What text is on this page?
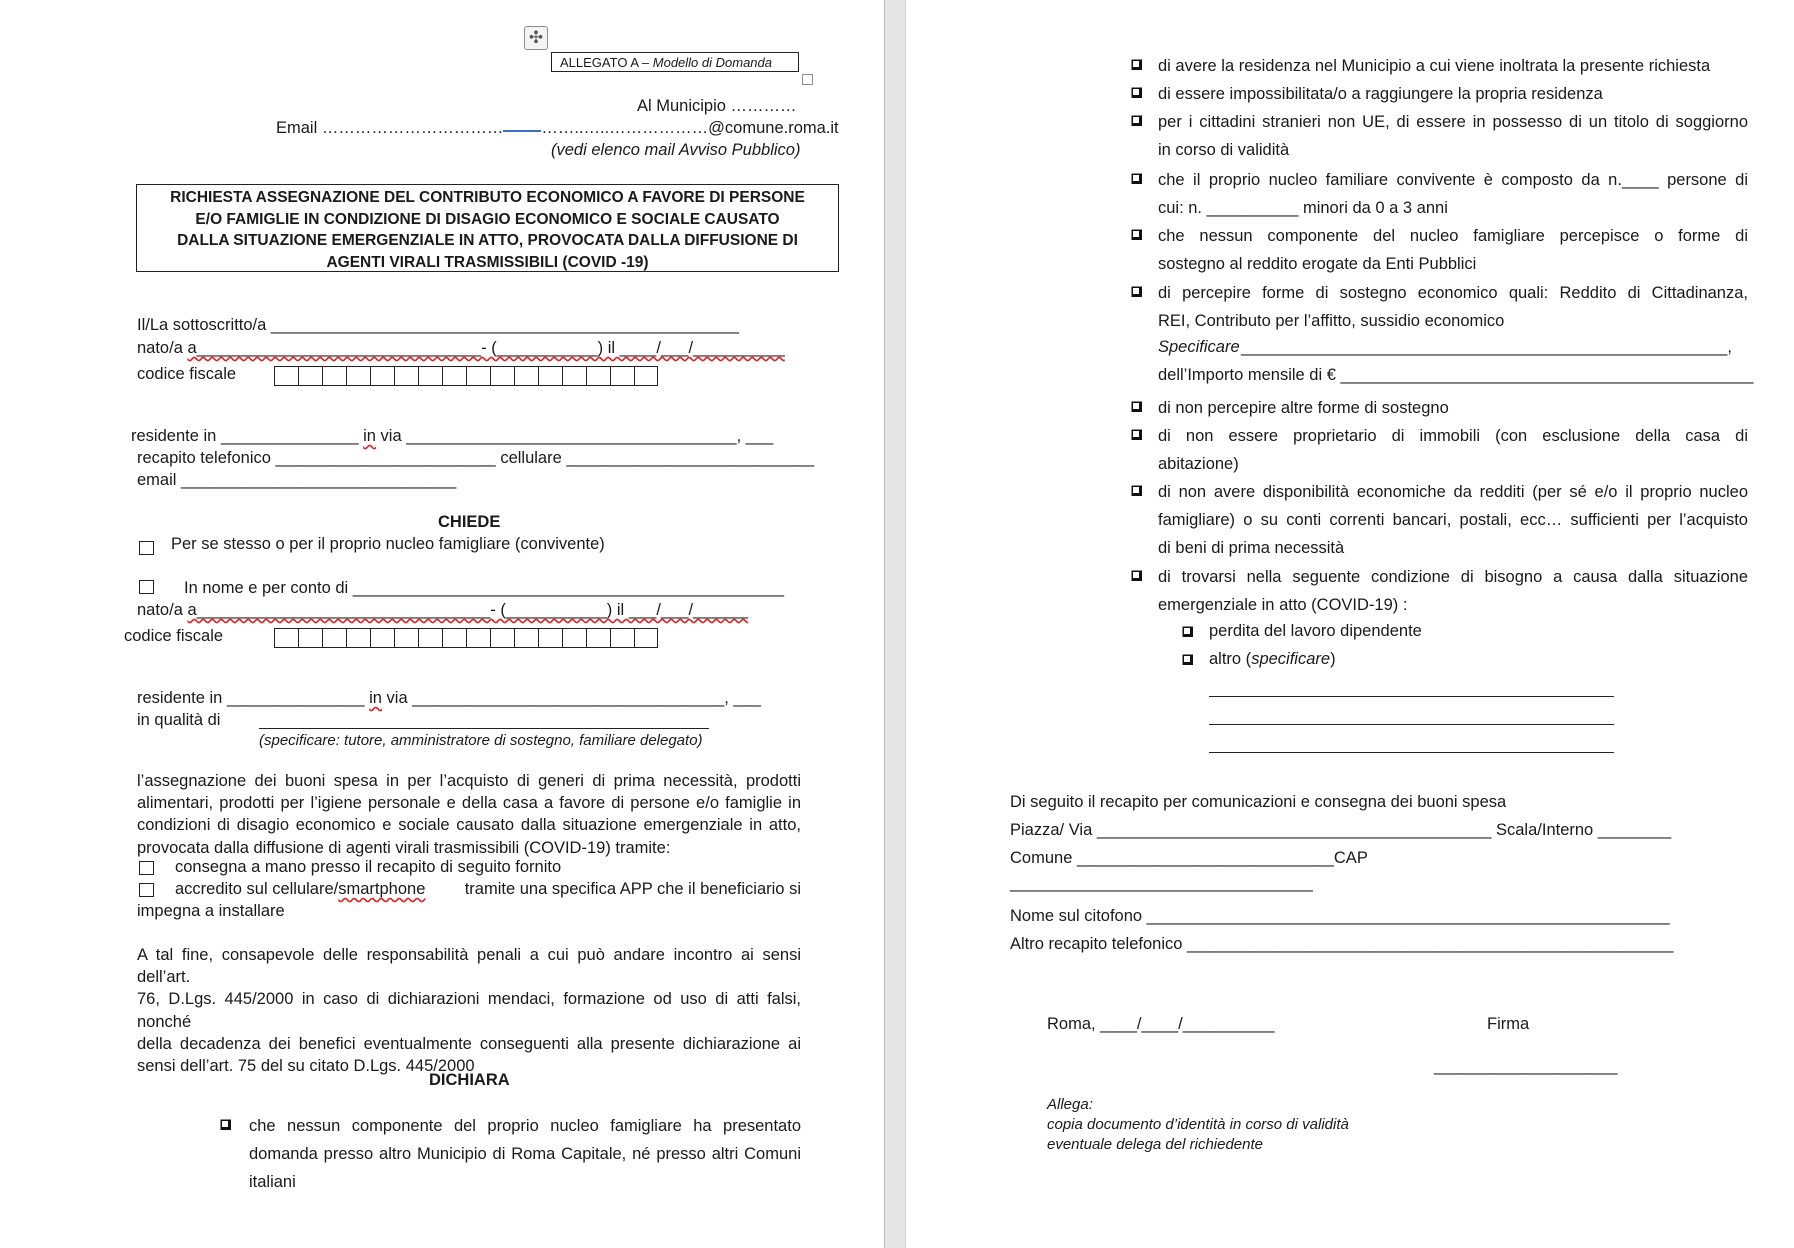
✣
ALLEGATO A – Modello di Domanda
Al Municipio …………
Email …………………………… ……..…..………………@comune.roma.it
(vedi elenco mail Avviso Pubblico)
RICHIESTA ASSEGNAZIONE DEL CONTRIBUTO ECONOMICO A FAVORE DI PERSONE
E/O FAMIGLIE IN CONDIZIONE DI DISAGIO ECONOMICO E SOCIALE CAUSATO
DALLA SITUAZIONE EMERGENZIALE IN ATTO, PROVOCATA DALLA DIFFUSIONE DI
AGENTI VIRALI TRASMISSIBILI (COVID -19)
Il/La sottoscritto/a ___________________________________________________
nato/a a_______________________________- (___________) il ____/___/__________
codice fiscale
residente in _______________ in via ____________________________________, ___
recapito telefonico ________________________ cellulare ___________________________
email ______________________________
CHIEDE
Per se stesso o per il proprio nucleo famigliare (convivente)
In nome e per conto di _______________________________________________
nato/a a________________________________- (___________) il ___/___/______
codice fiscale
residente in _______________ in via __________________________________, ___
in qualità di
(specificare: tutore, amministratore di sostegno, familiare delegato)
l’assegnazione dei buoni spesa in per l’acquisto di generi di prima necessità, prodotti
alimentari, prodotti per l’igiene personale e della casa a favore di persone e/o famiglie in
condizioni di disagio economico e sociale causato dalla situazione emergenziale in atto,
provocata dalla diffusione di agenti virali trasmissibili (COVID-19) tramite:
consegna a mano presso il recapito di seguito fornito
accredito sul cellulare/smartphone tramite una specifica APP che il beneficiario si
impegna a installare
A tal fine, consapevole delle responsabilità penali a cui può andare incontro ai sensi dell’art.
76, D.Lgs. 445/2000 in caso di dichiarazioni mendaci, formazione od uso di atti falsi, nonché
della decadenza dei benefici eventualmente conseguenti alla presente dichiarazione ai
sensi dell’art. 75 del su citato D.Lgs. 445/2000
DICHIARA
che nessun componente del proprio nucleo famigliare ha presentato
domanda presso altro Municipio di Roma Capitale, né presso altri Comuni
italiani
di avere la residenza nel Municipio a cui viene inoltrata la presente richiesta
di essere impossibilitata/o a raggiungere la propria residenza
per i cittadini stranieri non UE, di essere in possesso di un titolo di soggiorno
in corso di validità
che il proprio nucleo familiare convivente è composto da n.____ persone di
cui: n. __________ minori da 0 a 3 anni
che nessun componente del nucleo famigliare percepisce o forme di
sostegno al reddito erogate da Enti Pubblici
di percepire forme di sostegno economico quali: Reddito di Cittadinanza,
REI, Contributo per l’affitto, sussidio economico
di non percepire altre forme di sostegno
di non essere proprietario di immobili (con esclusione della casa di
abitazione)
di non avere disponibilità economiche da redditi (per sé e/o il proprio nucleo
famigliare) o su conti correnti bancari, postali, ecc… sufficienti per l’acquisto
di beni di prima necessità
di trovarsi nella seguente condizione di bisogno a causa dalla situazione
emergenziale in atto (COVID-19) :
Specificare _____________________________________________________,
dell’Importo mensile di € _____________________________________________
perdita del lavoro dipendente
altro (specificare)
Di seguito il recapito per comunicazioni e consegna dei buoni spesa
Piazza/ Via ___________________________________________ Scala/Interno ________
Comune ____________________________CAP
_________________________________
Nome sul citofono _________________________________________________________
Altro recapito telefonico _____________________________________________________
Roma, ____/____/__________	Firma
____________________
Allega:
copia documento d’identità in corso di validità
eventuale delega del richiedente
